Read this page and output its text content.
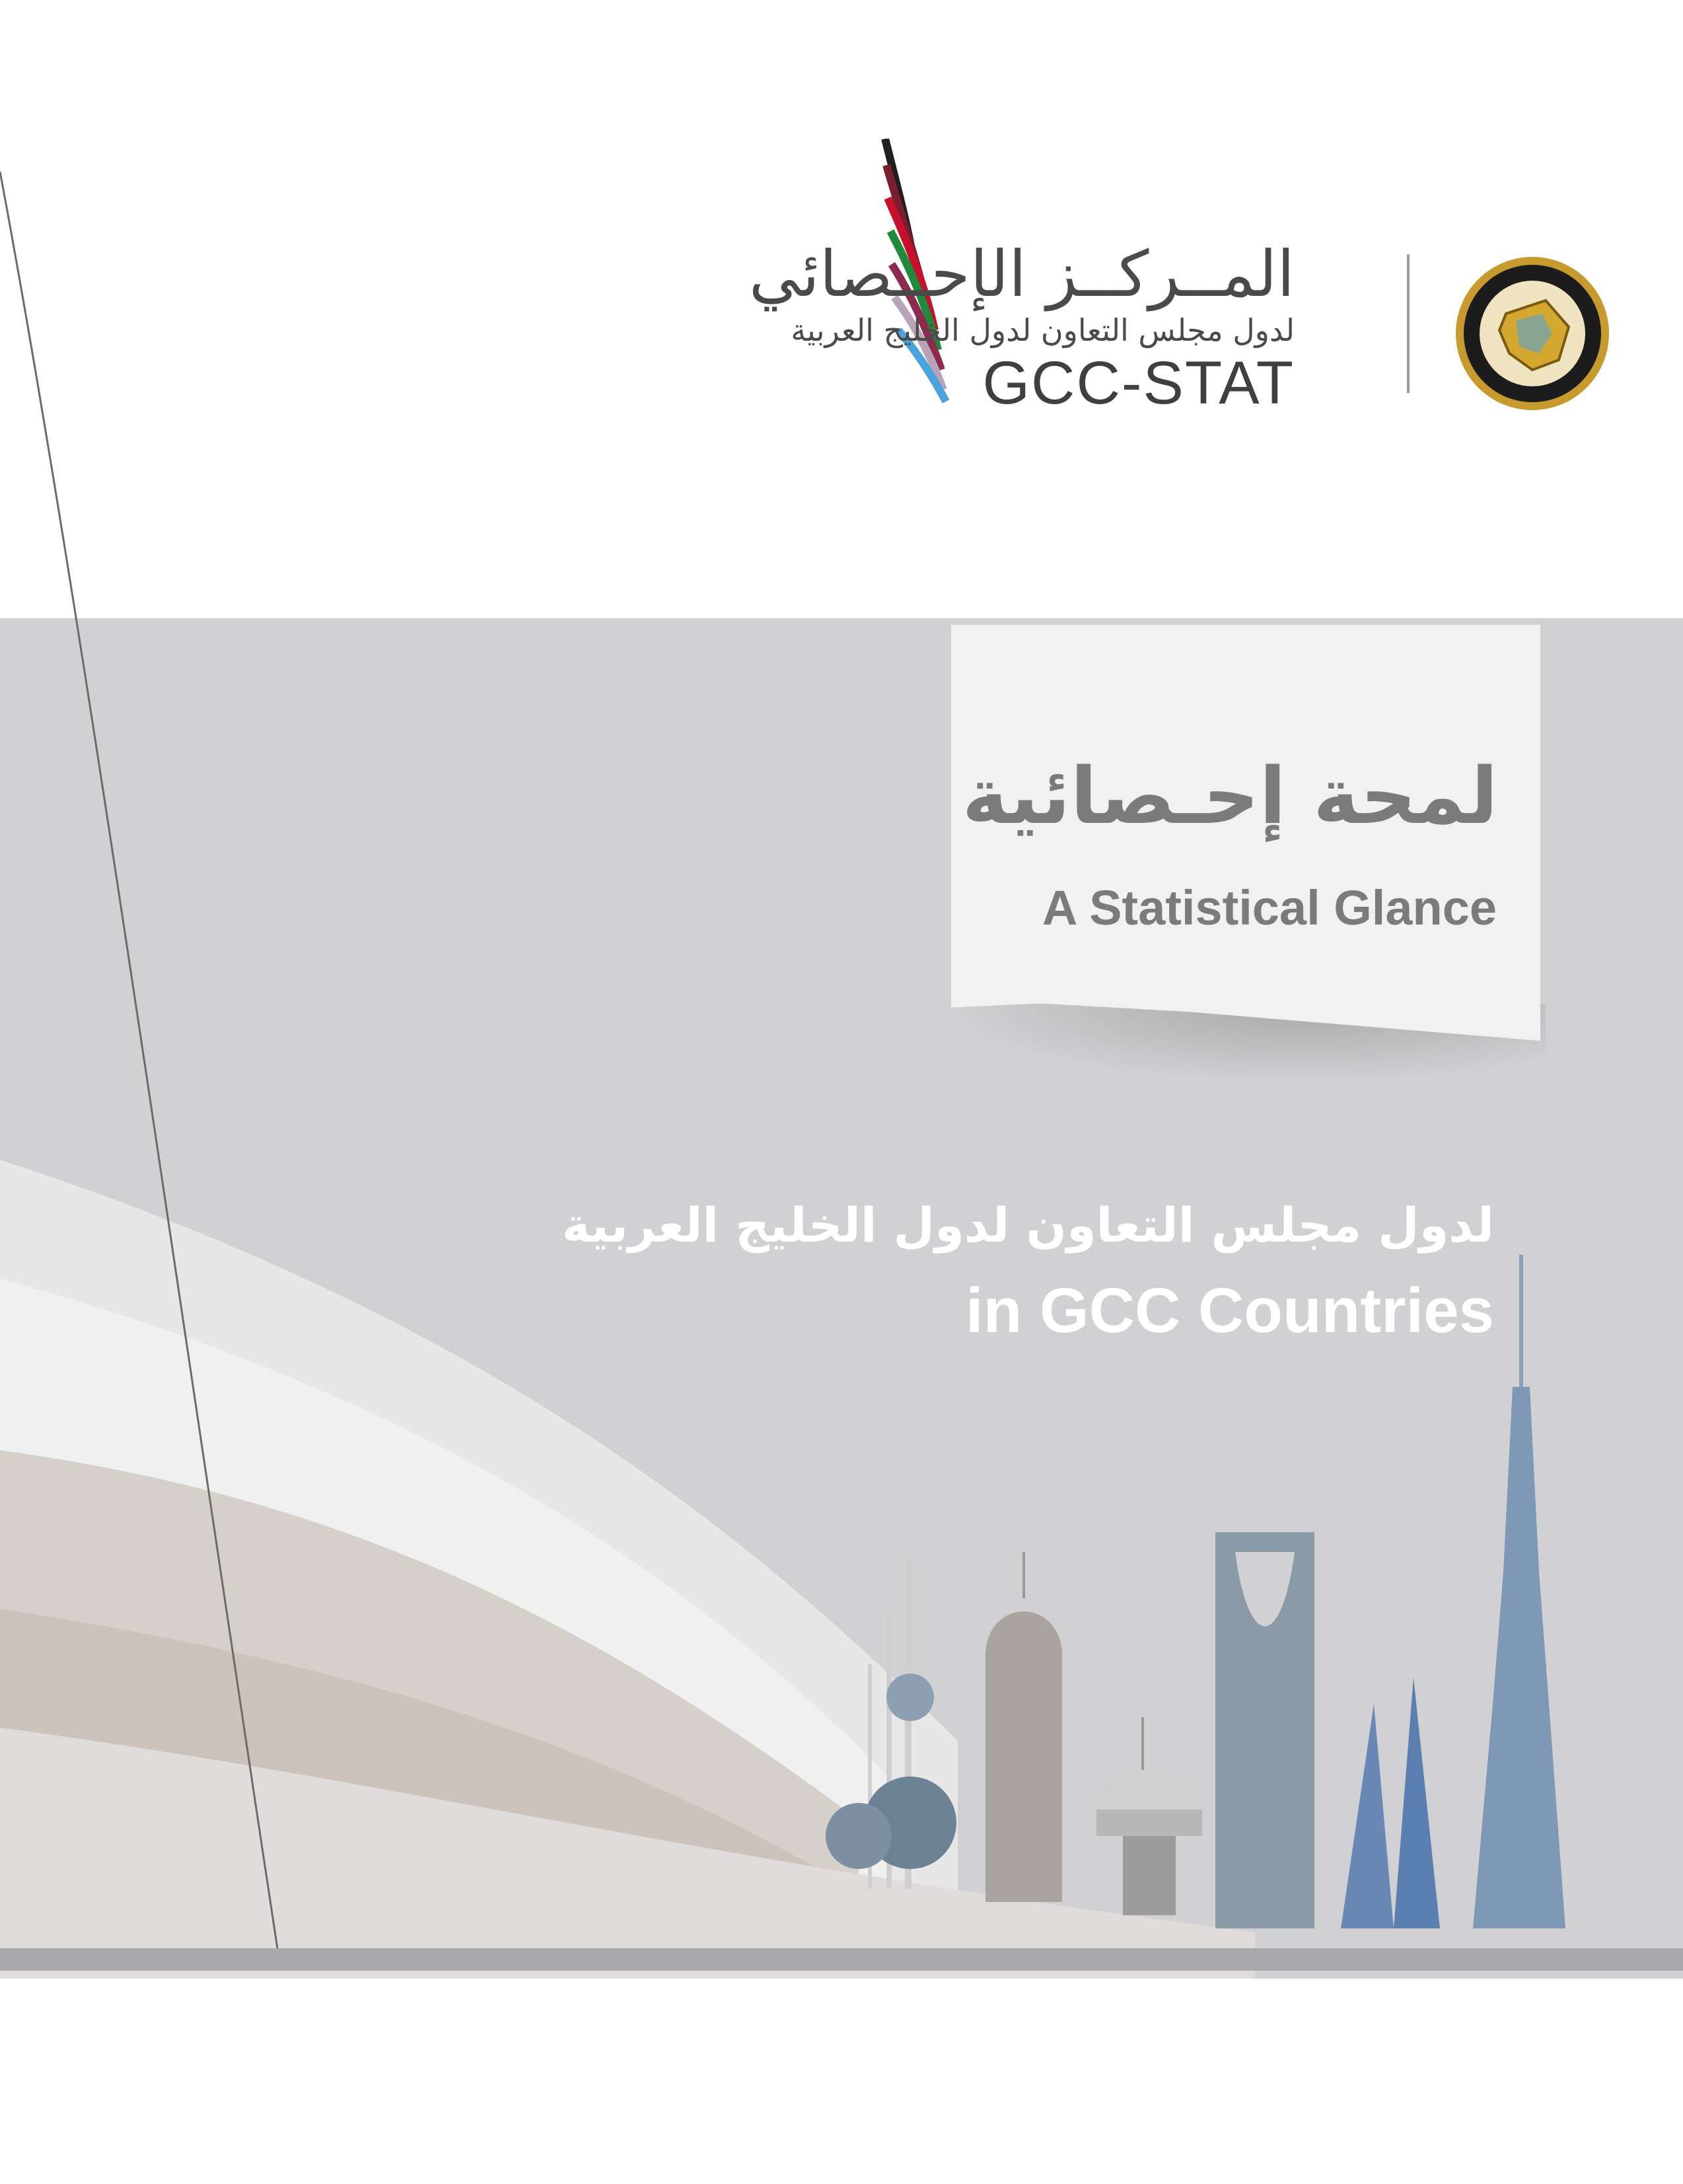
المــركــز الإحــصائي

لدول مجلس التعاون لدول الخليج العربية

GCC-STAT

لمحة إحـصائية

A Statistical Glance

لدول مجلس التعاون لدول الخليج العربية

in GCC Countries
